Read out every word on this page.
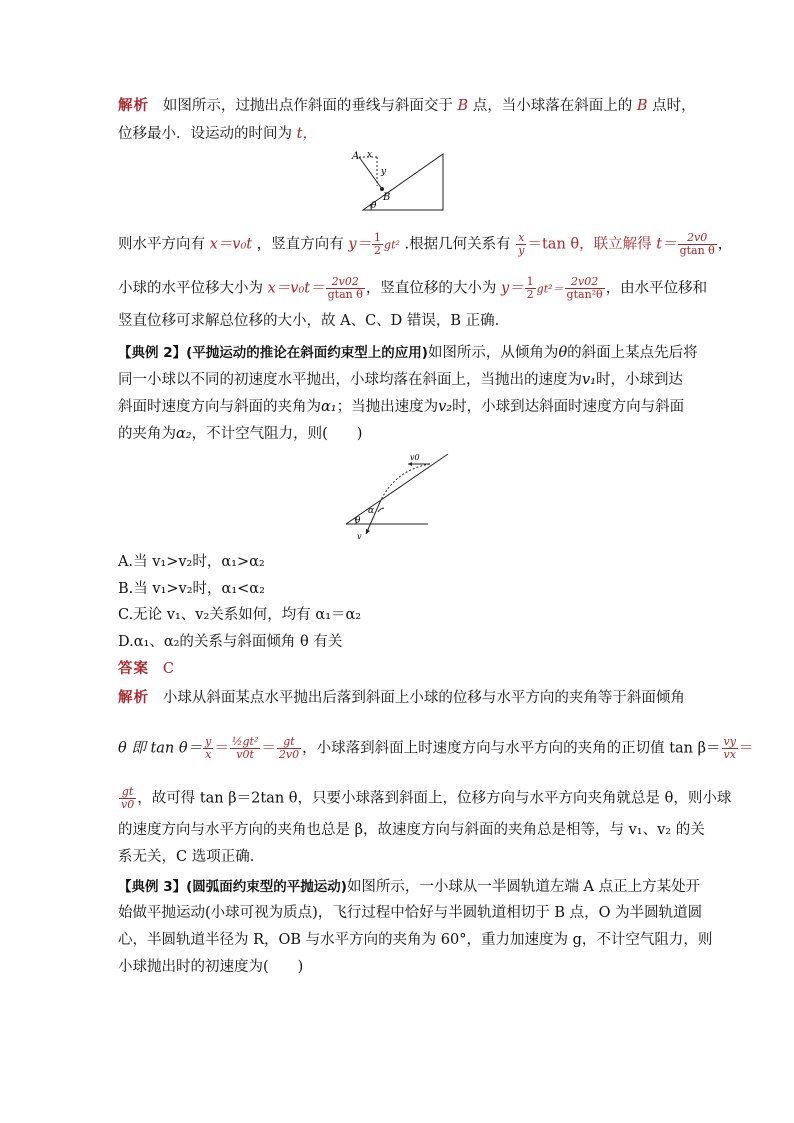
解析 如图所示，过抛出点作斜面的垂线与斜面交于 B 点，当小球落在斜面上的 B 点时，
位移最小．设运动的时间为 t，
A x
y
B
θ
则水平方向有 x＝v₀t ，竖直方向有 $y= \frac{1}{2} gt^2$ .根据几何关系有 $\frac{x}{y} =\tan$ θ，联立解得 $t= \frac{2v0}{\text{gtan θ}}$ ，
小球的水平位移大小为 $x=v_0t= \frac{2v02}{\text{gtan θ}}$ ，竖直位移的大小为 $y= \frac{1}{2} gt^2= \frac{2v02}{\text{gtan²θ}}$ ，由水平位移和
竖直位移可求解总位移的大小，故 A、C、D 错误，B 正确．
【典例 2】(平抛运动的推论在斜面约束型上的应用)如图所示，从倾角为θ的斜面上某点先后将
同一小球以不同的初速度水平抛出，小球均落在斜面上，当抛出的速度为v₁时，小球到达
斜面时速度方向与斜面的夹角为α₁；当抛出速度为v₂时，小球到达斜面时速度方向与斜面
的夹角为α₂，不计空气阻力，则(　　)
v0
α
θ
v
A.当 v₁>v₂时，α₁>α₂
B.当 v₁>v₂时，α₁<α₂
C.无论 v₁、v₂关系如何，均有 α₁＝α₂
D.α₁、α₂的关系与斜面倾角 θ 有关
答案 C
解析 小球从斜面某点水平抛出后落到斜面上小球的位移与水平方向的夹角等于斜面倾角
θ 即 $\tan \theta= \frac{y}{x} = \frac{\text{½gt²}}{v0t} = \frac{gt}{2v0}$ ，小球落到斜面上时速度方向与水平方向的夹角的正切值 $\tan \beta= \frac{vy}{vx}$ ＝
$\frac{gt}{v0}$ ，故可得 tan β＝2tan θ，只要小球落到斜面上，位移方向与水平方向夹角就总是 θ，则小球
的速度方向与水平方向的夹角也总是 β，故速度方向与斜面的夹角总是相等，与 v₁、v₂ 的关
系无关，C 选项正确.
【典例 3】(圆弧面约束型的平抛运动)如图所示，一小球从一半圆轨道左端 A 点正上方某处开
始做平抛运动(小球可视为质点)，飞行过程中恰好与半圆轨道相切于 B 点，O 为半圆轨道圆
心，半圆轨道半径为 R，OB 与水平方向的夹角为 60°，重力加速度为 g，不计空气阻力，则
小球抛出时的初速度为(　　)
